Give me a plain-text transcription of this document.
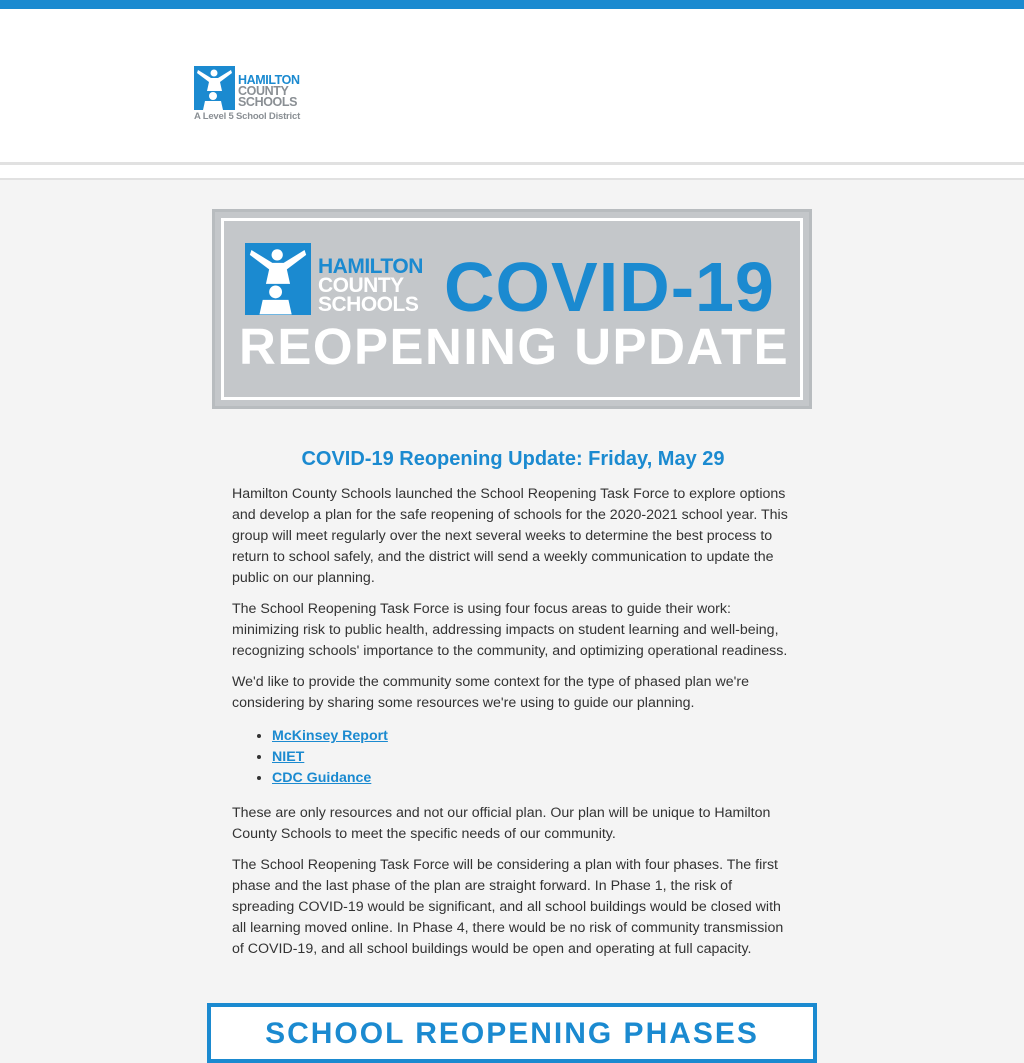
HAMILTON
COUNTY
SCHOOLS
A Level 5 School District
HAMILTON
COUNTY
SCHOOLS COVID-19
REOPENING UPDATE
COVID-19 Reopening Update: Friday, May 29

Hamilton County Schools launched the School Reopening Task Force to explore options and develop a plan for the safe reopening of schools for the 2020-2021 school year. This group will meet regularly over the next several weeks to determine the best process to return to school safely, and the district will send a weekly communication to update the public on our planning.

The School Reopening Task Force is using four focus areas to guide their work: minimizing risk to public health, addressing impacts on student learning and well-being, recognizing schools' importance to the community, and optimizing operational readiness.

We'd like to provide the community some context for the type of phased plan we're considering by sharing some resources we're using to guide our planning.

• McKinsey Report
• NIET
• CDC Guidance

These are only resources and not our official plan. Our plan will be unique to Hamilton County Schools to meet the specific needs of our community.

The School Reopening Task Force will be considering a plan with four phases. The first phase and the last phase of the plan are straight forward. In Phase 1, the risk of spreading COVID-19 would be significant, and all school buildings would be closed with all learning moved online. In Phase 4, there would be no risk of community transmission of COVID-19, and all school buildings would be open and operating at full capacity.

SCHOOL REOPENING PHASES
